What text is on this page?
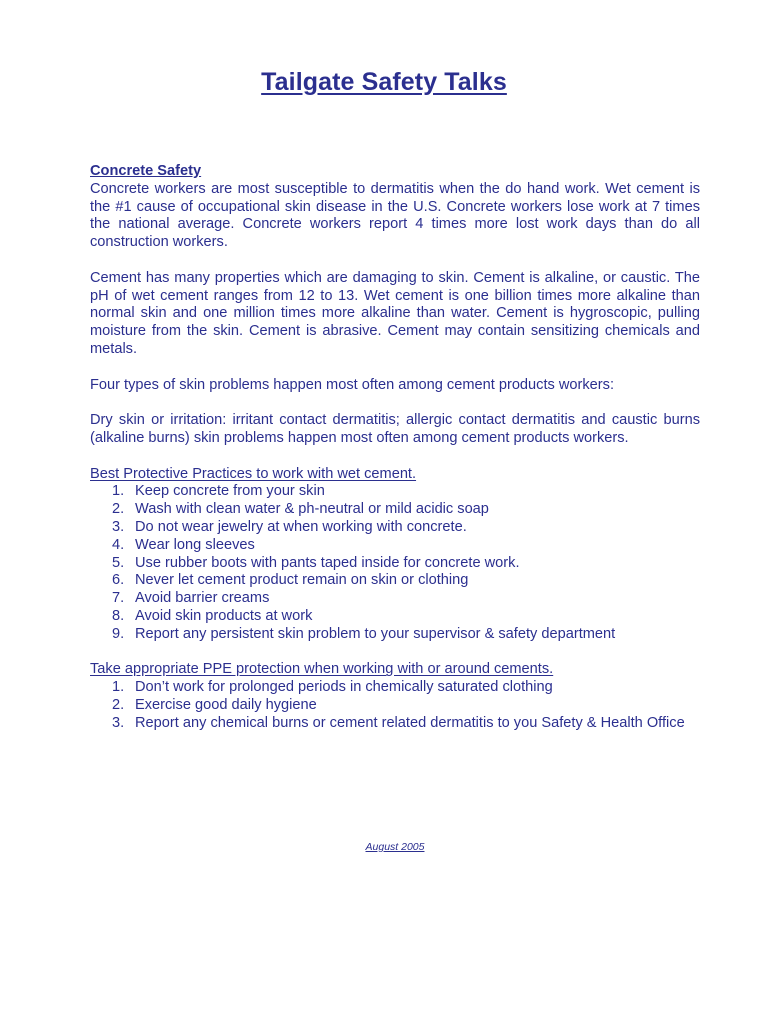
Tailgate Safety Talks

Concrete Safety

Concrete workers are most susceptible to dermatitis when the do hand work. Wet cement is the #1 cause of occupational skin disease in the U.S. Concrete workers lose work at 7 times the national average. Concrete workers report 4 times more lost work days than do all construction workers.

Cement has many properties which are damaging to skin. Cement is alkaline, or caustic. The pH of wet cement ranges from 12 to 13. Wet cement is one billion times more alkaline than normal skin and one million times more alkaline than water. Cement is hygroscopic, pulling moisture from the skin. Cement is abrasive. Cement may contain sensitizing chemicals and metals.

Four types of skin problems happen most often among cement products workers:

Dry skin or irritation: irritant contact dermatitis; allergic contact dermatitis and caustic burns (alkaline burns) skin problems happen most often among cement products workers.

Best Protective Practices to work with wet cement.

1. Keep concrete from your skin
2. Wash with clean water & ph-neutral or mild acidic soap
3. Do not wear jewelry at when working with concrete.
4. Wear long sleeves
5. Use rubber boots with pants taped inside for concrete work.
6. Never let cement product remain on skin or clothing
7. Avoid barrier creams
8. Avoid skin products at work
9. Report any persistent skin problem to your supervisor & safety department

Take appropriate PPE protection when working with or around cements.

1. Don’t work for prolonged periods in chemically saturated clothing
2. Exercise good daily hygiene
3. Report any chemical burns or cement related dermatitis to you Safety & Health Office
August 2005
